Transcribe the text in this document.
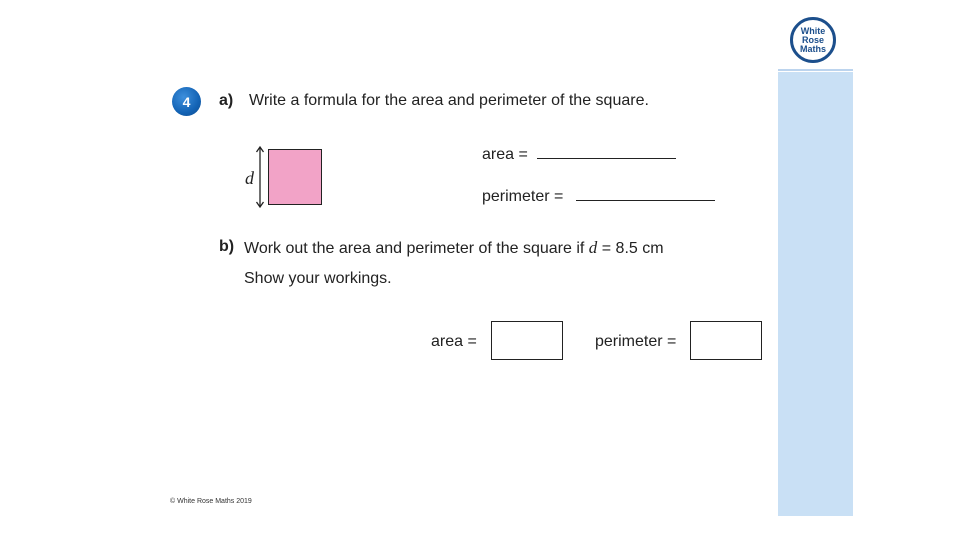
White
Rose
Maths
4	a) Write a formula for the area and perimeter of the square.
d
area =
perimeter =
b) Work out the area and perimeter of the square if d = 8.5 cm
Show your workings.
area =	perimeter =
© White Rose Maths 2019
